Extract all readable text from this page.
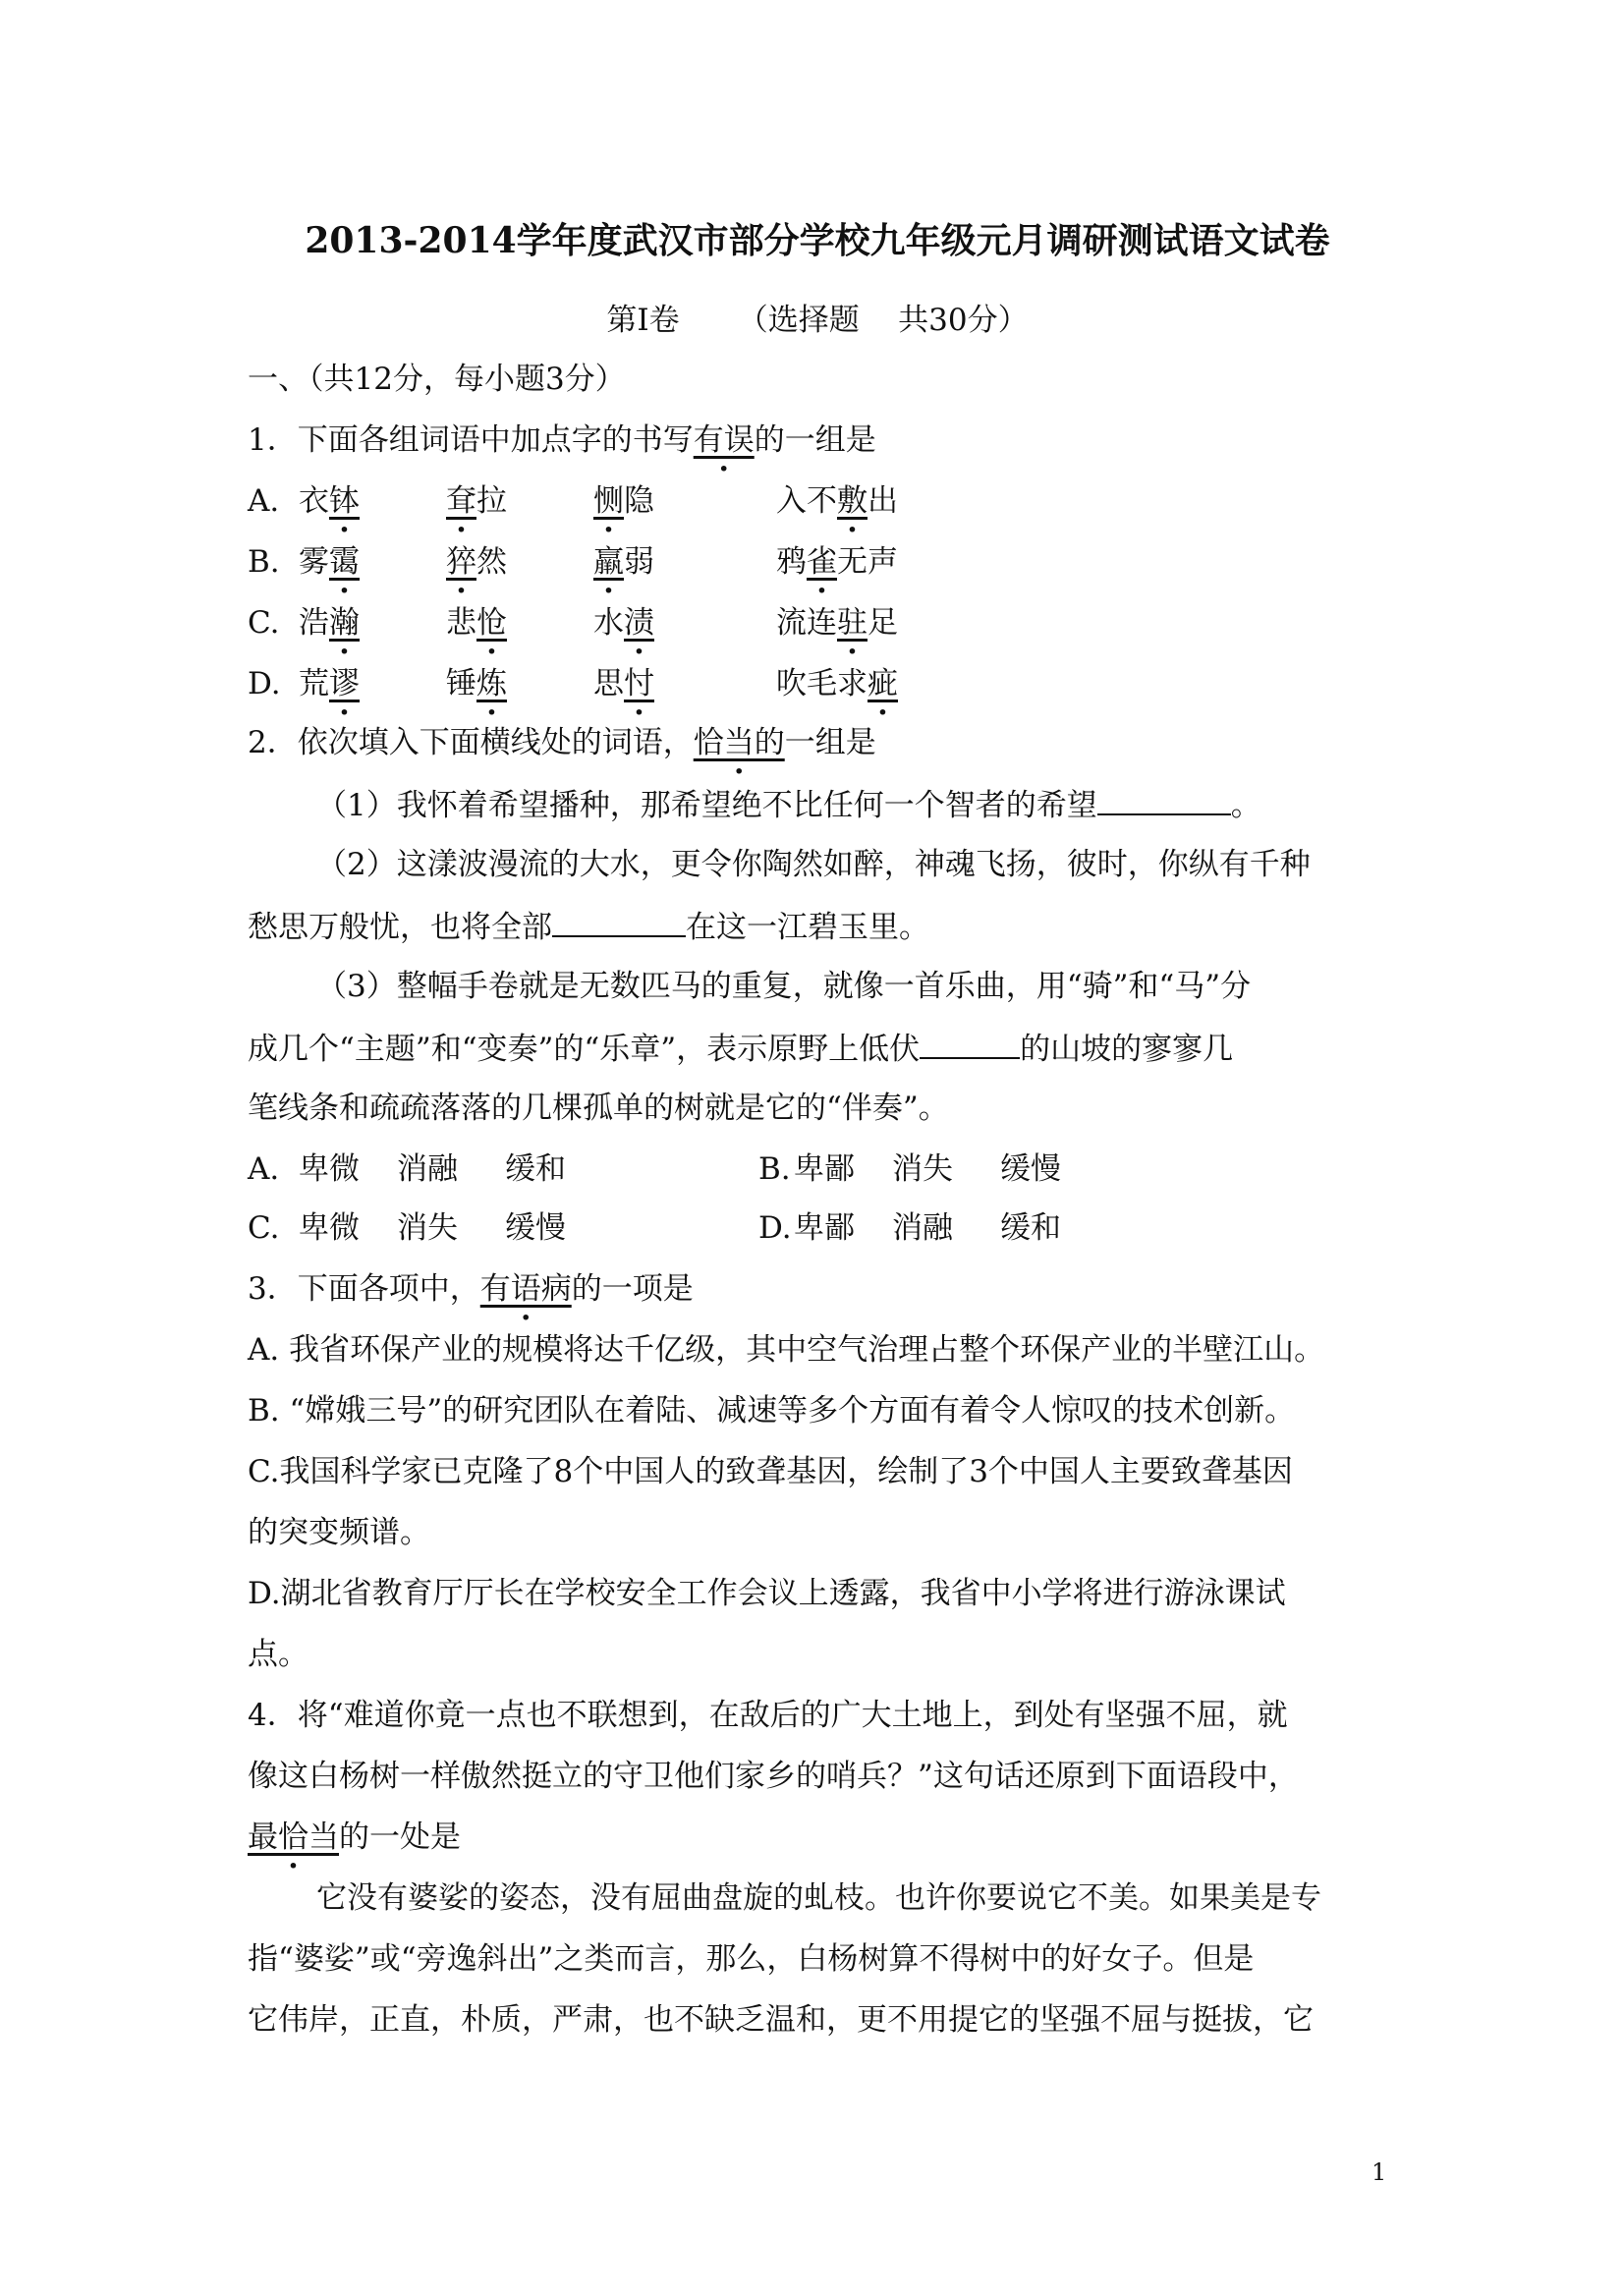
2013-2014学年度武汉市部分学校九年级元月调研测试语文试卷
第Ⅰ卷      （选择题    共30分）
一、（共12分，每小题3分）
1．下面各组词语中加点字的书写有误的一组是
A. 衣钵	耷拉	恻隐	入不敷出
B. 雾霭	猝然	羸弱	鸦雀无声
C. 浩瀚	悲怆	水渍	流连驻足
D. 荒谬	锤炼	思忖	吹毛求疵
2．依次填入下面横线处的词语，恰当的一组是
（1）我怀着希望播种，那希望绝不比任何一个智者的希望	。
（2）这漾波漫流的大水，更令你陶然如醉，神魂飞扬，彼时，你纵有千种
愁思万般忧，也将全部	在这一江碧玉里。
（3）整幅手卷就是无数匹马的重复，就像一首乐曲，用“骑”和“马”分
成几个“主题”和“变奏”的“乐章”，表示原野上低伏	的山坡的寥寥几
笔线条和疏疏落落的几棵孤单的树就是它的“伴奏”。
A. 卑微 消融 缓和	B. 卑鄙 消失 缓慢
C. 卑微 消失 缓慢	D. 卑鄙 消融 缓和
3．下面各项中，有语病的一项是
A. 我省环保产业的规模将达千亿级，其中空气治理占整个环保产业的半壁江山。
B. “嫦娥三号”的研究团队在着陆、减速等多个方面有着令人惊叹的技术创新。
C.我国科学家已克隆了8个中国人的致聋基因，绘制了3个中国人主要致聋基因
的突变频谱。
D.湖北省教育厅厅长在学校安全工作会议上透露，我省中小学将进行游泳课试
点。
4．将“难道你竟一点也不联想到，在敌后的广大土地上，到处有坚强不屈，就
像这白杨树一样傲然挺立的守卫他们家乡的哨兵？”这句话还原到下面语段中，
最恰当的一处是
它没有婆娑的姿态，没有屈曲盘旋的虬枝。也许你要说它不美。如果美是专
指“婆娑”或“旁逸斜出”之类而言，那么，白杨树算不得树中的好女子。但是
它伟岸，正直，朴质，严肃，也不缺乏温和，更不用提它的坚强不屈与挺拔，它
1
